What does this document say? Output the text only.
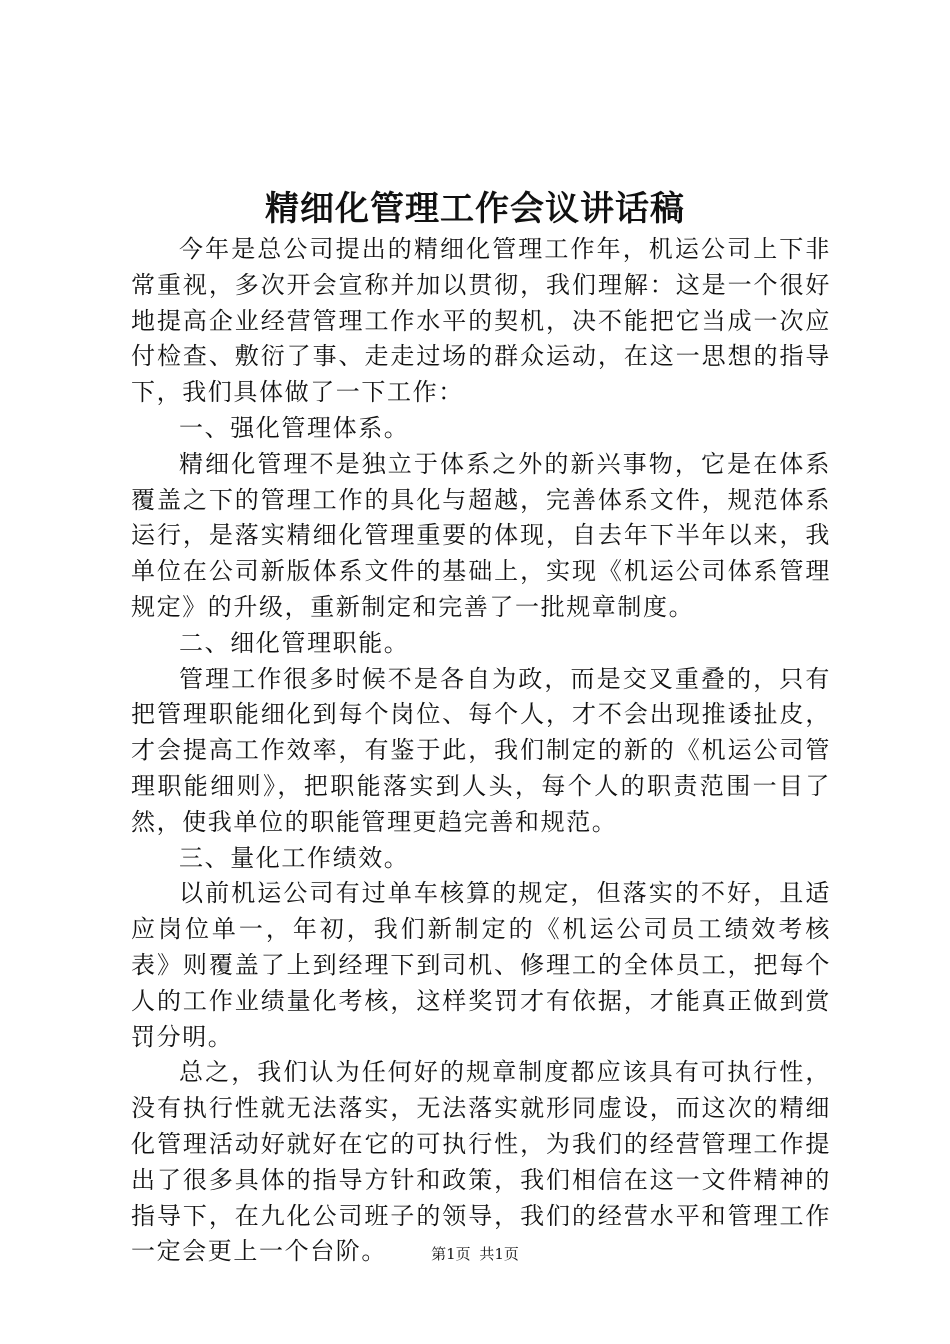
精细化管理工作会议讲话稿

今年是总公司提出的精细化管理工作年，机运公司上下非常重视，多次开会宣称并加以贯彻，我们理解：这是一个很好地提高企业经营管理工作水平的契机，决不能把它当成一次应付检查、敷衍了事、走走过场的群众运动，在这一思想的指导下，我们具体做了一下工作：

一、强化管理体系。

精细化管理不是独立于体系之外的新兴事物，它是在体系覆盖之下的管理工作的具化与超越，完善体系文件，规范体系运行，是落实精细化管理重要的体现，自去年下半年以来，我单位在公司新版体系文件的基础上，实现《机运公司体系管理规定》的升级，重新制定和完善了一批规章制度。

二、细化管理职能。

管理工作很多时候不是各自为政，而是交叉重叠的，只有把管理职能细化到每个岗位、每个人，才不会出现推诿扯皮，才会提高工作效率，有鉴于此，我们制定的新的《机运公司管理职能细则》，把职能落实到人头，每个人的职责范围一目了然，使我单位的职能管理更趋完善和规范。

三、量化工作绩效。

以前机运公司有过单车核算的规定，但落实的不好，且适应岗位单一，年初，我们新制定的《机运公司员工绩效考核表》则覆盖了上到经理下到司机、修理工的全体员工，把每个人的工作业绩量化考核，这样奖罚才有依据，才能真正做到赏罚分明。

总之，我们认为任何好的规章制度都应该具有可执行性，没有执行性就无法落实，无法落实就形同虚设，而这次的精细化管理活动好就好在它的可执行性，为我们的经营管理工作提出了很多具体的指导方针和政策，我们相信在这一文件精神的指导下，在九化公司班子的领导，我们的经营水平和管理工作一定会更上一个台阶。	第1页 共1页
